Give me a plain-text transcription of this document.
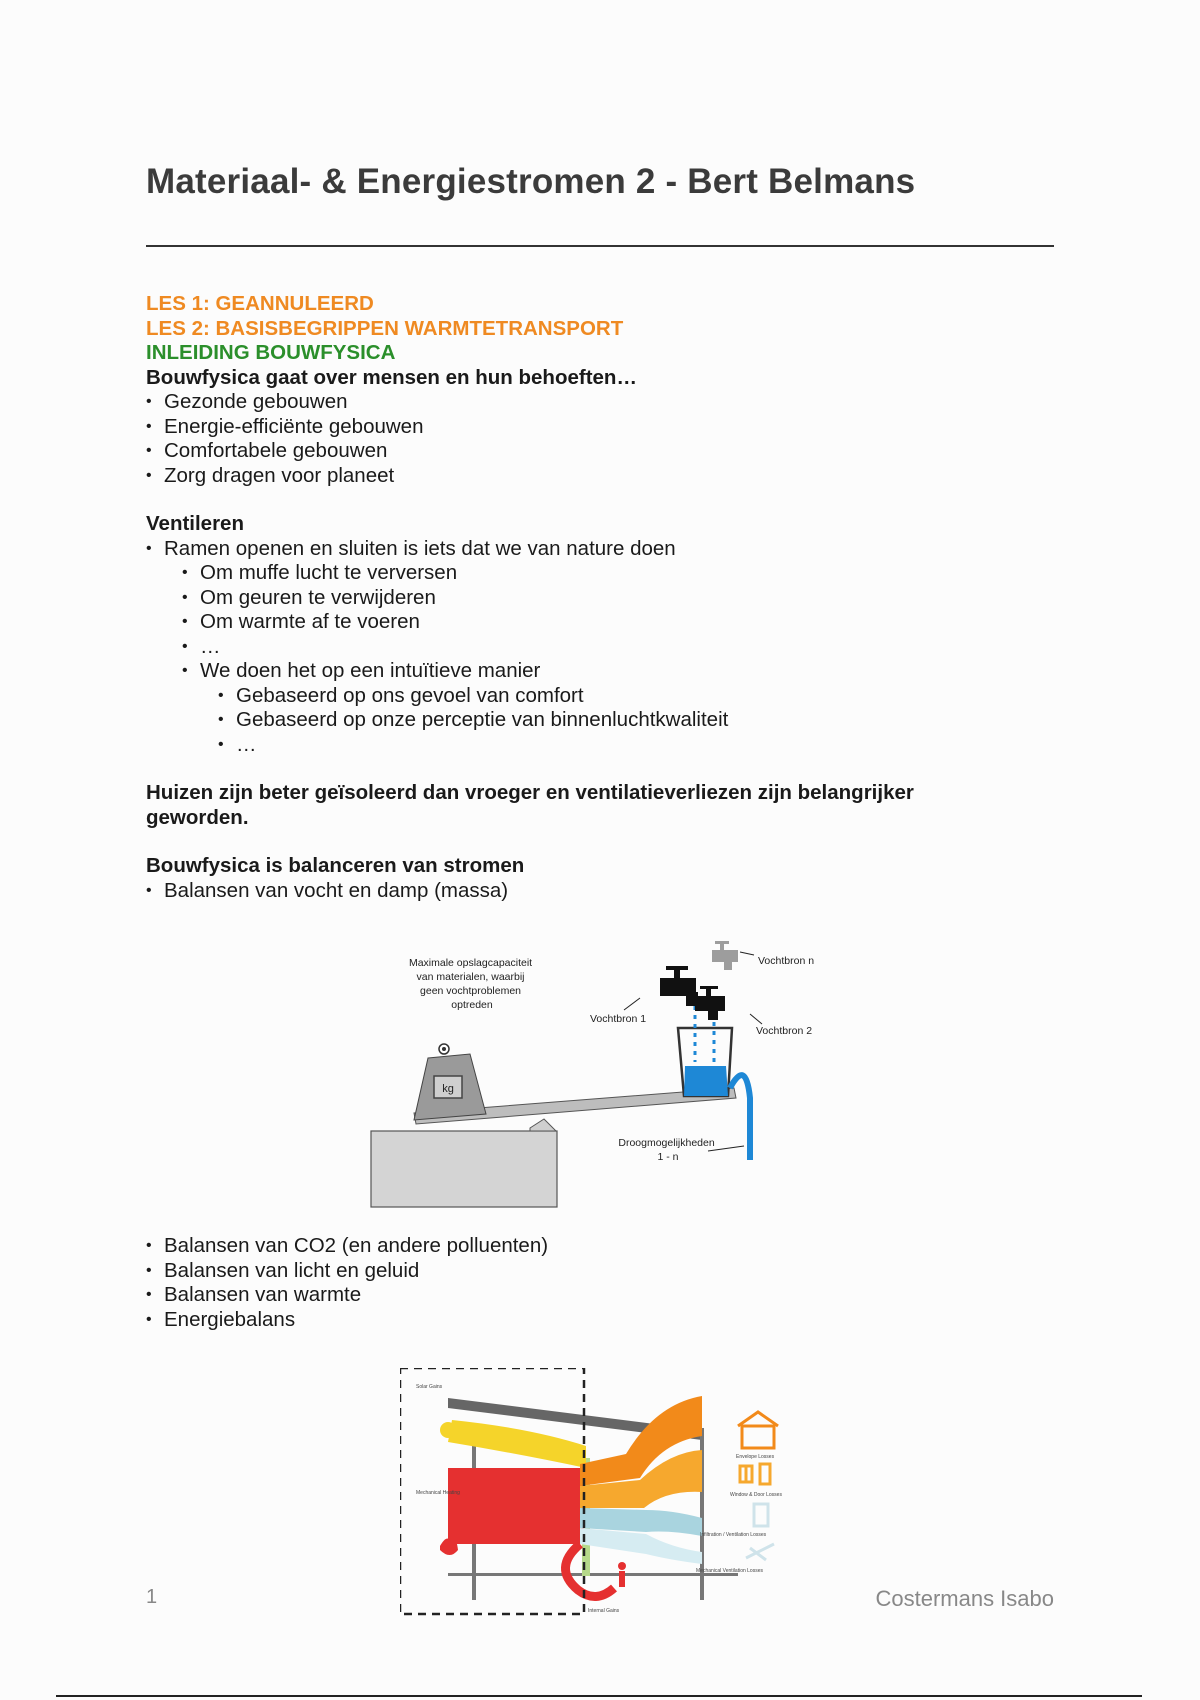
Materiaal- & Energiestromen 2 - Bert Belmans
LES 1: GEANNULEERD
LES 2: BASISBEGRIPPEN WARMTETRANSPORT
INLEIDING BOUWFYSICA
Bouwfysica gaat over mensen en hun behoeften…
• Gezonde gebouwen
• Energie-efficiënte gebouwen
• Comfortabele gebouwen
• Zorg dragen voor planeet
Ventileren
• Ramen openen en sluiten is iets dat we van nature doen
• Om muffe lucht te verversen
• Om geuren te verwijderen
• Om warmte af te voeren
• …
• We doen het op een intuïtieve manier
• Gebaseerd op ons gevoel van comfort
• Gebaseerd op onze perceptie van binnenluchtkwaliteit
• …
Huizen zijn beter geïsoleerd dan vroeger en ventilatieverliezen zijn belangrijker geworden.
Bouwfysica is balanceren van stromen
• Balansen van vocht en damp (massa)
kg
Maximale opslagcapaciteit van materialen, waarbij geen vochtproblemen optreden
Vochtbron 1
Vochtbron n
Vochtbron 2
Droogmogelijkheden 1 - n
• Balansen van CO2 (en andere polluenten)
• Balansen van licht en geluid
• Balansen van warmte
• Energiebalans
Solar Gains
Mechanical Heating
Internal Gains
Envelope Losses
Window & Door Losses
Infiltration / Ventilation Losses
Mechanical Ventilation Losses
1	Costermans Isabo
